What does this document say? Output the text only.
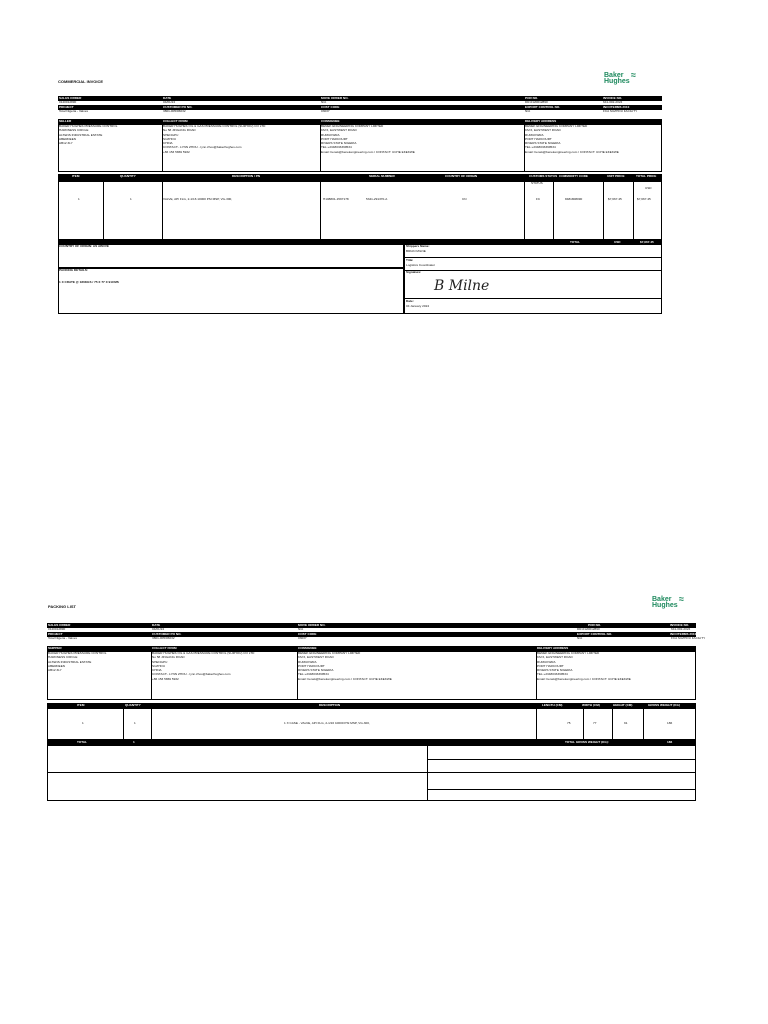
COMMERCIAL INVOICE
Baker
Hughes
≈
SALES ORDER	DATE	MOVE ORDER NO.	POR NO.	INVOICE NO.
0120012890	04/01/24	N/A	DR-0120012890	641-002-2024
PROJECT	CUSTOMER PO NO.	COST CODE	EXPORT CONTROL NO.	INCOTERMS 2010
Total Nigeria - Valves	3801-005/06032	03037	N/A	FCA SUZHOU FACILITY
SELLER	COLLECT FROM	CONSIGNEE	DELIVERY ADDRESS
BAKER HUGHES PRESSURE CONTROL
HARDNESS CIRCLE
ALTENS INDUSTRIAL ESTATE
ABERDEEN
AB12 3LY
BAKER HUGHES OIL & GAS PRESSURE CONTROL (SUZHOU) CO LTD
No 58 JINGANG ROAD
SHENGPU
SUZHOU
CHINA
CONTACT:- LYNN ZHOU - lynn.zhou@bakerhughes.com
+86 153 5869 5932
BENEK ENGINEERING COMPANY LIMITED
KM 6, EASTWEST ROAD
RUMUKWRA
PORT HARCOURT
RIVERS STATE NIGERIA
TEL:+2348033399534
Email: benek@benekengineering.com / CONTACT: UCHE EKEKWE
BENEK ENGINEERING COMPANY LIMITED
KM 6, EASTWEST ROAD
RUMUKWRA
PORT HARCOURT
RIVERS STATE NIGERIA
TEL:+2348033399534
Email: benek@benekengineering.com / CONTACT: UCHE EKEKWE
ITEM	QUANTITY	DESCRIPTION / PN	SERIAL NUMBER	COUNTRY OF ORIGIN	CUSTOMS STATUS COMMODITY CODE	UNIT PRICE	TOTAL PRICE
STATUS
USD
1	1	VALVE, API FLG, 2-1/16 10000 PSI MSP, VG-300,	H108801-1597178	5341-291370-A	CN	FC	8481808090	$7,667.45	$7,667.45
TOTAL	USD	$7,667.45
COUNTRY OF ORIGIN: AS ABOVE	Shippers Name:
BRIAN MILNE
Title:
Logistics Coordinator
Signature:
B Milne
Date:
04 January 2024
PACKING DETAILS:
1 X CRATE @ 186KGS / 75 X 77 X 91CMS
PACKING LIST
Baker
Hughes
≈
SALES ORDER	DATE	MOVE ORDER NO.	POR NO.	INVOICE NO.
0120012890	04/01/24	N/A	DR-0120012890	641-002-2024
PROJECT	CUSTOMER PO NO.	COST CODE	EXPORT CONTROL NO.	INCOTERMS 2010
Total Nigeria - Valves	3801-005/06032	03037	N/A	FCA SUZHOU FACILITY
SHIPPER	COLLECT FROM	CONSIGNEE	DELIVERY ADDRESS
BAKER HUGHES PRESSURE CONTROL
HARDNESS CIRCLE
ALTENS INDUSTRIAL ESTATE
ABERDEEN
AB12 3LY
BAKER HUGHES OIL & GAS PRESSURE CONTROL (SUZHOU) CO LTD
No 58 JINGANG ROAD
SHENGPU
SUZHOU
CHINA
CONTACT:- LYNN ZHOU - lynn.zhou@bakerhughes.com
+86 153 5869 5932
BENEK ENGINEERING COMPANY LIMITED
KM 6, EASTWEST ROAD
RUMUKWRA
PORT HARCOURT
RIVERS STATE NIGERIA
TEL:+2348033399534
Email: benek@benekengineering.com / CONTACT: UCHE EKEKWE
BENEK ENGINEERING COMPANY LIMITED
KM 6, EASTWEST ROAD
RUMUKWRA
PORT HARCOURT
RIVERS STATE NIGERIA
TEL:+2348033399534
Email: benek@benekengineering.com / CONTACT: UCHE EKEKWE
ITEM	QUANTITY	DESCRIPTION	LENGTH (CM)	WIDTH (CM)	HEIGHT (CM)	GROSS WEIGHT (KG)
1	1	1 X CASE - VALVE, API FLG, 2-1/16 10000 PSI MSP, VG-300,	75	77	91	186
TOTAL	1	TOTAL GROSS WEIGHT (KG):	186
